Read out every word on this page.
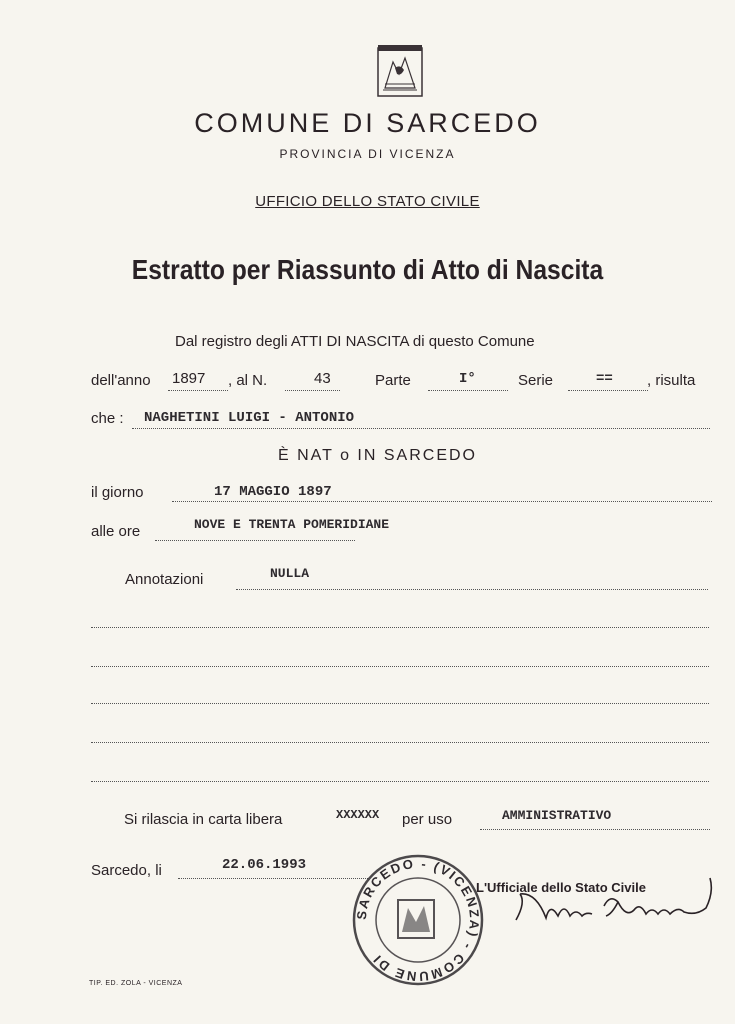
COMUNE DI SARCEDO
PROVINCIA DI VICENZA
UFFICIO DELLO STATO CIVILE
Estratto per Riassunto di Atto di Nascita
Dal registro degli ATTI DI NASCITA di questo Comune
dell'anno 1897 , al N.	43	Parte	I°	Serie	== , risulta
che : NAGHETINI LUIGI - ANTONIO
È NAT o IN SARCEDO
il giorno	17 MAGGIO 1897
alle ore	NOVE E TRENTA POMERIDIANE
Annotazioni	NULLA
Si rilascia in carta libera	XXXXXX per uso	AMMINISTRATIVO
Sarcedo, li	22.06.1993
SARCEDO - (VICENZA) - COMUNE DI
L'Ufficiale dello Stato Civile
TIP. ED. ZOLA - VICENZA
